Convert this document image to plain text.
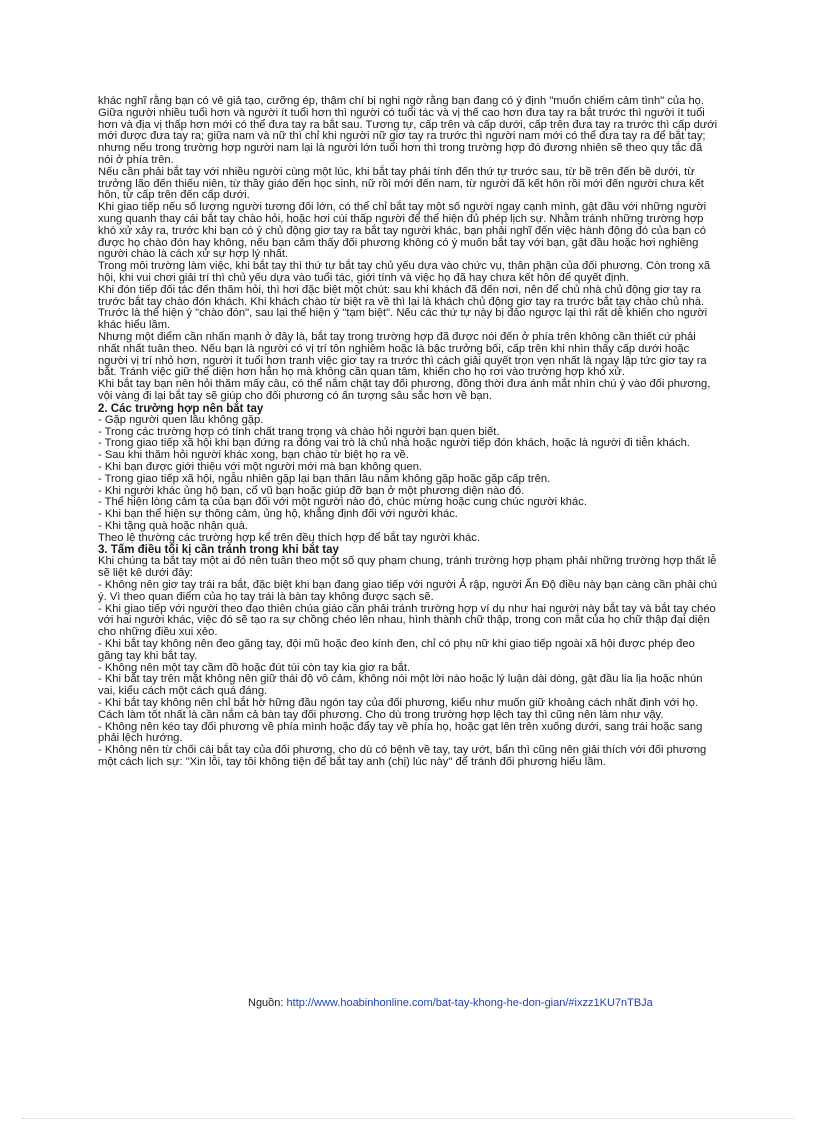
khác nghĩ rằng bạn có vẻ giả tạo, cưỡng ép, thậm chí bị nghi ngờ rằng bạn đang có ý định "muốn chiếm cảm tình" của họ.

Giữa người nhiều tuổi hơn và người ít tuổi hơn thì người có tuổi tác và vị thế cao hơn đưa tay ra bắt trước thì người ít tuổi hơn và địa vị thấp hơn mới có thể đưa tay ra bắt sau. Tương tự, cấp trên và cấp dưới, cấp trên đưa tay ra trước thì cấp dưới mới được đưa tay ra; giữa nam và nữ thì chỉ khi người nữ giơ tay ra trước thì người nam mới có thể đưa tay ra để bắt tay; nhưng nếu trong trường hợp người nam lại là người lớn tuổi hơn thì trong trường hợp đó đương nhiên sẽ theo quy tắc đã nói ở phía trên.

Nếu cần phải bắt tay với nhiều người cùng một lúc, khi bắt tay phải tính đến thứ tự trước sau, từ bề trên đến bề dưới, từ trưởng lão đến thiếu niên, từ thầy giáo đến học sinh, nữ rồi mới đến nam, từ người đã kết hôn rồi mới đến người chưa kết hôn, từ cấp trên đến cấp dưới.

Khi giao tiếp nếu số lượng người tương đối lớn, có thể chỉ bắt tay một số người ngay cạnh mình, gật đầu với những người xung quanh thay cái bắt tay chào hỏi, hoặc hơi cúi thấp người để thể hiện đủ phép lịch sự. Nhằm tránh những trường hợp khó xử xảy ra, trước khi bạn có ý chủ động giơ tay ra bắt tay người khác, bạn phải nghĩ đến việc hành động đó của bạn có được họ chào đón hay không, nếu bạn cảm thấy đối phương không có ý muốn bắt tay với bạn, gật đầu hoặc hơi nghiêng người chào là cách xử sự hợp lý nhất.

Trong môi trường làm việc, khi bắt tay thì thứ tự bắt tay chủ yếu dựa vào chức vụ, thân phận của đối phương. Còn trong xã hội, khi vui chơi giải trí thì chủ yếu dựa vào tuổi tác, giới tính và việc họ đã hay chưa kết hôn để quyết định.

Khi đón tiếp đối tác đến thăm hỏi, thì hơi đặc biệt một chút: sau khi khách đã đến nơi, nên để chủ nhà chủ động giơ tay ra trước bắt tay chào đón khách. Khi khách chào từ biệt ra về thì lại là khách chủ động giơ tay ra trước bắt tay chào chủ nhà. Trước là thể hiện ý "chào đón", sau lại thể hiện ý "tạm biệt". Nếu các thứ tự này bị đảo ngược lại thì rất dễ khiến cho người khác hiểu lầm.

Nhưng một điểm cần nhấn mạnh ở đây là, bắt tay trong trường hợp đã được nói đến ở phía trên không cần thiết cứ phải nhất nhất tuân theo. Nếu bạn là người có vị trí tôn nghiêm hoặc là bậc trưởng bối, cấp trên khi nhìn thấy cấp dưới hoặc người vị trí nhỏ hơn, người ít tuổi hơn tranh việc giơ tay ra trước thì cách giải quyết trọn vẹn nhất là ngay lập tức giơ tay ra bắt. Tránh việc giữ thể diện hơn hẳn họ mà không cần quan tâm, khiến cho họ rơi vào trường hợp khó xử.

Khi bắt tay bạn nên hỏi thăm mấy câu, có thể nắm chặt tay đối phương, đồng thời đưa ánh mắt nhìn chú ý vào đối phương, vội vàng đi lại bắt tay sẽ giúp cho đối phương có ấn tượng sâu sắc hơn về bạn.

2. Các trường hợp nên bắt tay

- Gặp người quen lâu không gặp.

- Trong các trường hợp có tính chất trang trọng và chào hỏi người bạn quen biết.

- Trong giao tiếp xã hội khi bạn đứng ra đóng vai trò là chủ nhà hoặc người tiếp đón khách, hoặc là người đi tiễn khách.

- Sau khi thăm hỏi người khác xong, bạn chào từ biệt họ ra về.

- Khi bạn được giới thiệu với một người mới mà bạn không quen.

- Trong giao tiếp xã hội, ngẫu nhiên gặp lại bạn thân lâu năm không gặp hoặc gặp cấp trên.

- Khi người khác ủng hộ bạn, cổ vũ bạn hoặc giúp đỡ bạn ở một phương diện nào đó.

- Thể hiện lòng cảm tạ của bạn đối với một người nào đó, chúc mừng hoặc cung chúc người khác.

- Khi bạn thể hiện sự thông cảm, ủng hộ, khẳng định đối với người khác.

- Khi tặng quà hoặc nhận quà.

Theo lệ thường các trường hợp kể trên đều thích hợp để bắt tay người khác.

3. Tấm điều tối kị cần tránh trong khi bắt tay

Khi chúng ta bắt tay một ai đó nên tuân theo một số quy phạm chung, tránh trường hợp phạm phải những trường hợp thất lễ sẽ liệt kê dưới đây:

- Không nên giơ tay trái ra bắt, đặc biệt khi bạn đang giao tiếp với người Ả rập, người Ấn Độ điều này bạn càng cần phải chú ý. Vì theo quan điểm của họ tay trái là bàn tay không được sạch sẽ.

- Khi giao tiếp với người theo đạo thiên chúa giáo cần phải tránh trường hợp ví dụ như hai người này bắt tay và bắt tay chéo với hai người khác, việc đó sẽ tạo ra sự chồng chéo lên nhau, hình thành chữ thập, trong con mắt của họ chữ thập đại diện cho những điều xui xẻo.

- Khi bắt tay không nên đeo găng tay, đội mũ hoặc đeo kính đen, chỉ có phụ nữ khi giao tiếp ngoài xã hội được phép đeo găng tay khi bắt tay.

- Không nên một tay cầm đồ hoặc đút túi còn tay kia giơ ra bắt.

- Khi bắt tay trên mặt không nên giữ thái độ vô cảm, không nói một lời nào hoặc lý luận dài dòng, gật đầu lia lịa hoặc nhún vai, kiểu cách một cách quá đáng.

- Khi bắt tay không nên chỉ bắt hờ hững đầu ngón tay của đối phương, kiểu như muốn giữ khoảng cách nhất định với họ. Cách làm tốt nhất là cần nắm cả bàn tay đối phương. Cho dù trong trường hợp lệch tay thì cũng nên làm như vậy.

- Không nên kéo tay đối phương về phía mình hoặc đẩy tay về phía họ, hoặc gạt lên trên xuống dưới, sang trái hoặc sang phải lệch hướng.

- Không nên từ chối cái bắt tay của đối phương, cho dù có bệnh về tay, tay ướt, bẩn thì cũng nên giải thích với đối phương một cách lịch sự: "Xin lỗi, tay tôi không tiện để bắt tay anh (chị) lúc này" để tránh đối phương hiểu lầm.

Nguồn: http://www.hoabinhonline.com/bat-tay-khong-he-don-gian/#ixzz1KU7nTBJa
